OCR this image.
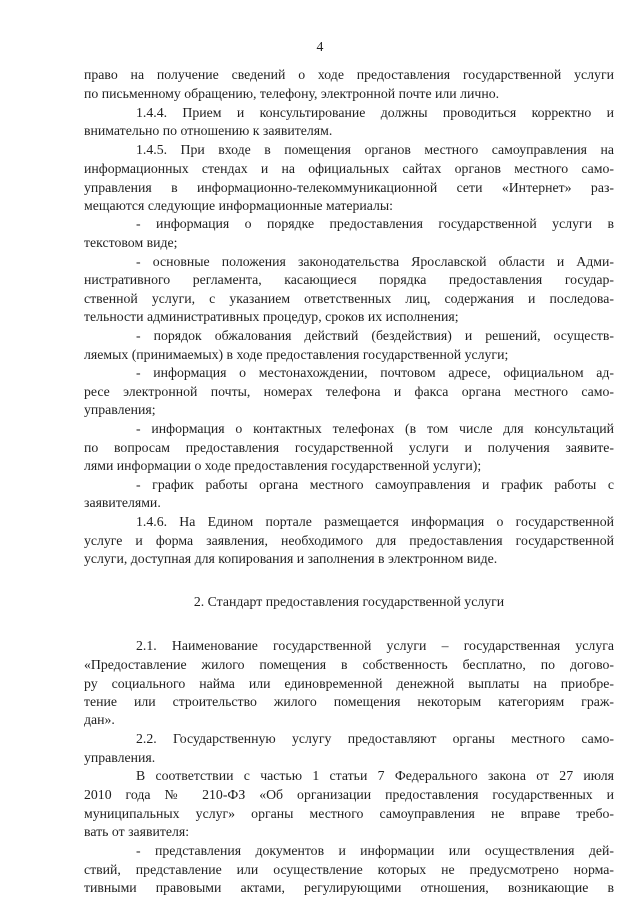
4

право на получение сведений о ходе предоставления государственной услуги

по письменному обращению, телефону, электронной почте или лично.

1.4.4. Прием и консультирование должны проводиться корректно и

внимательно по отношению к заявителям.

1.4.5. При входе в помещения органов местного самоуправления на

информационных стендах и на официальных сайтах органов местного само-

управления в информационно-телекоммуникационной сети «Интернет» раз-

мещаются следующие информационные материалы:

- информация о порядке предоставления государственной услуги в

текстовом виде;

- основные положения законодательства Ярославской области и Адми-

нистративного регламента, касающиеся порядка предоставления государ-

ственной услуги, с указанием ответственных лиц, содержания и последова-

тельности административных процедур, сроков их исполнения;

- порядок обжалования действий (бездействия) и решений, осуществ-

ляемых (принимаемых) в ходе предоставления государственной услуги;

- информация о местонахождении, почтовом адресе, официальном ад-

ресе электронной почты, номерах телефона и факса органа местного само-

управления;

- информация о контактных телефонах (в том числе для консультаций

по вопросам предоставления государственной услуги и получения заявите-

лями информации о ходе предоставления государственной услуги);

- график работы органа местного самоуправления и график работы с

заявителями.

1.4.6. На Едином портале размещается информация о государственной

услуге и форма заявления, необходимого для предоставления государственной

услуги, доступная для копирования и заполнения в электронном виде.

2. Стандарт предоставления государственной услуги

2.1. Наименование государственной услуги – государственная услуга

«Предоставление жилого помещения в собственность бесплатно, по догово-

ру социального найма или единовременной денежной выплаты на приобре-

тение или строительство жилого помещения некоторым категориям граж-

дан».

2.2. Государственную услугу предоставляют органы местного само-

управления.

В соответствии с частью 1 статьи 7 Федерального закона от 27 июля

2010 года № 210-ФЗ «Об организации предоставления государственных и

муниципальных услуг» органы местного самоуправления не вправе требо-

вать от заявителя:

- представления документов и информации или осуществления дей-

ствий, представление или осуществление которых не предусмотрено норма-

тивными правовыми актами, регулирующими отношения, возникающие в
